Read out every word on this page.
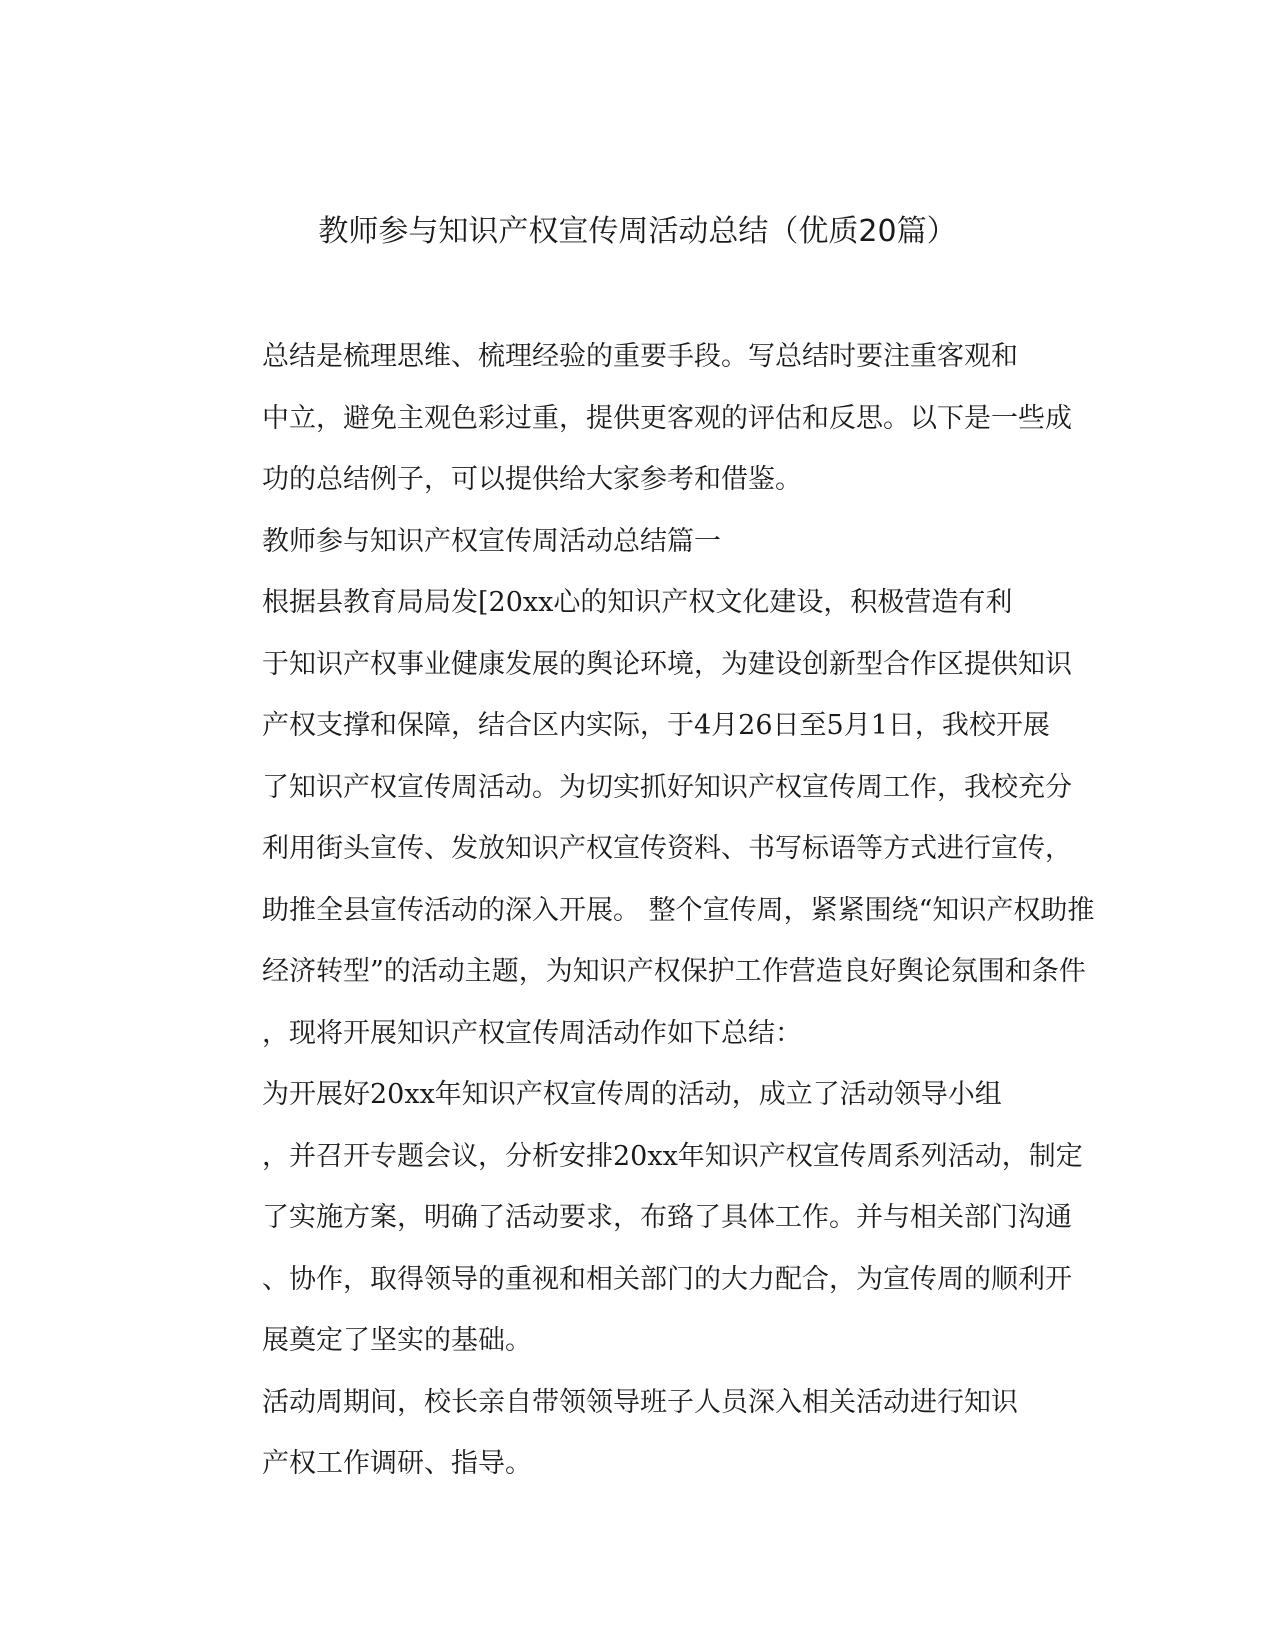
教师参与知识产权宣传周活动总结（优质20篇）

总结是梳理思维、梳理经验的重要手段。写总结时要注重客观和
中立，避免主观色彩过重，提供更客观的评估和反思。以下是一些成
功的总结例子，可以提供给大家参考和借鉴。

教师参与知识产权宣传周活动总结篇一

根据县教育局局发[20xx心的知识产权文化建设，积极营造有利
于知识产权事业健康发展的舆论环境，为建设创新型合作区提供知识
产权支撑和保障，结合区内实际，于4月26日至5月1日，我校开展
了知识产权宣传周活动。为切实抓好知识产权宣传周工作，我校充分
利用街头宣传、发放知识产权宣传资料、书写标语等方式进行宣传，
助推全县宣传活动的深入开展。 整个宣传周，紧紧围绕“知识产权助推
经济转型”的活动主题，为知识产权保护工作营造良好舆论氛围和条件
，现将开展知识产权宣传周活动作如下总结：

为开展好20xx年知识产权宣传周的活动，成立了活动领导小组
，并召开专题会议，分析安排20xx年知识产权宣传周系列活动，制定
了实施方案，明确了活动要求，布臵了具体工作。并与相关部门沟通
、协作，取得领导的重视和相关部门的大力配合，为宣传周的顺利开
展奠定了坚实的基础。

活动周期间，校长亲自带领领导班子人员深入相关活动进行知识
产权工作调研、指导。
